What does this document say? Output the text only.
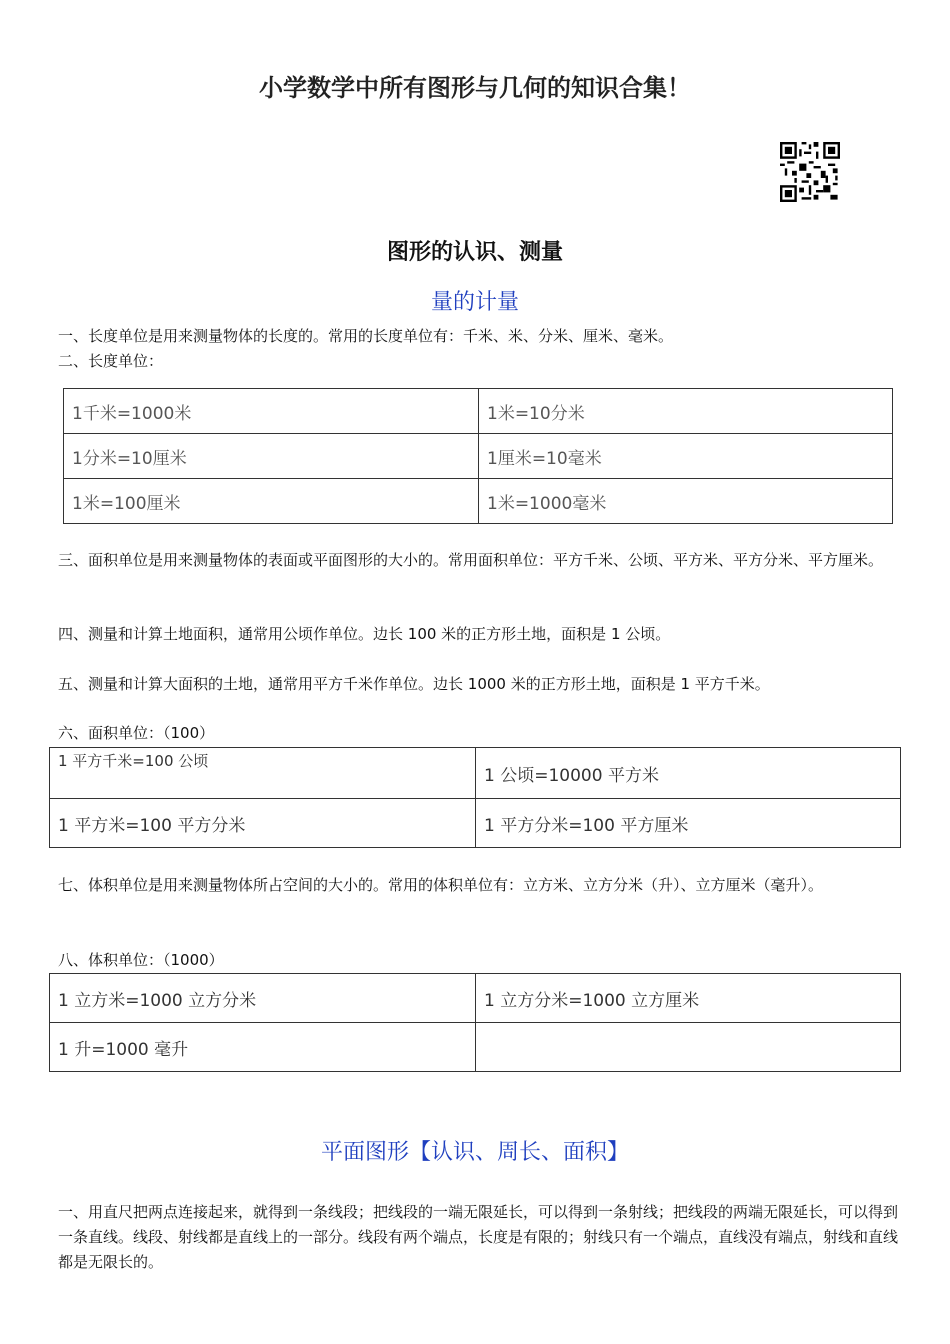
小学数学中所有图形与几何的知识合集！
图形的认识、测量
量的计量
一、长度单位是用来测量物体的长度的。常用的长度单位有：千米、米、分米、厘米、毫米。
二、长度单位：
1千米=1000米	1米=10分米
1分米=10厘米	1厘米=10毫米
1米=100厘米	1米=1000毫米
三、面积单位是用来测量物体的表面或平面图形的大小的。常用面积单位：平方千米、公顷、平方米、平方分米、平方厘米。
四、测量和计算土地面积，通常用公顷作单位。边长 100 米的正方形土地，面积是 1 公顷。
五、测量和计算大面积的土地，通常用平方千米作单位。边长 1000 米的正方形土地，面积是 1 平方千米。
六、面积单位：（100）
1 平方千米=100 公顷	1 公顷=10000 平方米
1 平方米=100 平方分米	1 平方分米=100 平方厘米
七、体积单位是用来测量物体所占空间的大小的。常用的体积单位有：立方米、立方分米（升）、立方厘米（毫升）。
八、体积单位：（1000）
1 立方米=1000 立方分米	1 立方分米=1000 立方厘米
1 升=1000 毫升	
平面图形【认识、周长、面积】
一、用直尺把两点连接起来，就得到一条线段；把线段的一端无限延长，可以得到一条射线；把线段的两端无限延长，可以得到一条直线。线段、射线都是直线上的一部分。线段有两个端点，长度是有限的；射线只有一个端点，直线没有端点，射线和直线都是无限长的。
